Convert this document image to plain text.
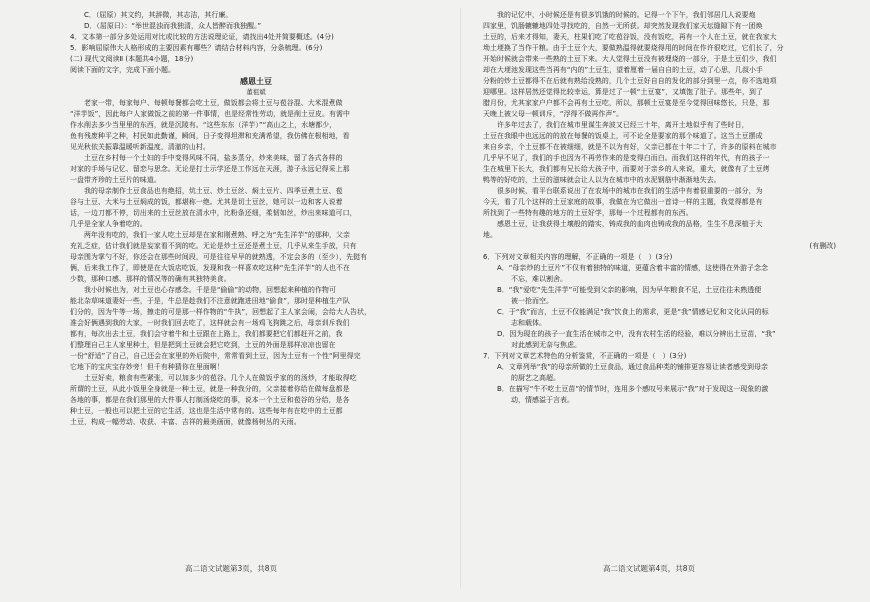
C．（屈原）其文约，其辞微，其志洁，其行廉。
D．（屈原曰）：“举世混浊而我独清，众人皆醉而我独醒。”
4．文本第一部分多处运用对比或比较的方法说理论证，请找出4处并简要概述。(4分)
5．影响屈原伟大人格形成的主要因素有哪些？请结合材料内容，分条梳理。(6分)
(二) 现代文阅读Ⅱ (本题共4小题，18分)
阅读下面的文字，完成下面小题。
感恩土豆
董祖斌
老家一带，每家每户、每顿每餐都会吃土豆，做饭都会将土豆与苞谷混、大米混煮做
“洋芋饭”，因此每户人家做饭之前的第一件事情，也是经常性劳动，就是削土豆皮。有需中
作水削去多少当里里的东西，就是沉陵有。“这些东东（洋芋）”“高山之上，水塘都少，
鱼有残废种平之种，村民如此勤谨，瞬间，日子变得坦滞和充满希望，我仿佛在根相地，看
见光秋依关振靠温暖听新温度，清澈的山村。
土豆在乡村每一个土妇的手中变得风味不同，盐多蒸分，炒来美味，留了各式各样的
对家的手场与记忆、留恋与思念。无论是打土示学还是工作远在天涯，游子永远记得采上那
一盘带齐珍的土豆片的味道。
我的母亲制作土豆食品也有绝招，炕土豆、炒土豆丝、焖土豆片、四季豆煮土豆、苞
谷与土豆、大米与土豆焖成的饭，都堪称一绝。尤其是切土豆丝，她可以一边和客人说着
话，一边刀都不停，切出来的土豆丝放在清水中，比粉条还细，柔韧如丝，炒出来味道可口，
几乎是全家人争着吃的。
两年没有吃的，我们一家人吃土豆却是在家和刚煮熟、呼之为“先生洋芋”的那种，父亲
充礼乏症，估计我们就是妄家看不到的吃。无论是炒土豆还是煮土豆，几乎从来生手放，只有
母亲围为掌勺不好，你还会在那些时间段，可是往往早早的就熟透，不定会多的（至少），先挺有
俩，后来我工作了，即使是在大饭店吃饭，发现和我一样喜欢吃这种“先生洋芋”的人也不在
少数，那种口感、那样的情况等的确有其独特美食。
我小时候也为，对土豆也心存感念。千是是“偷偷”的动物，回想起来种植的作物可
能北杂草味道妻好一些，于是，牛总是趁我们不注意就跑进田地“偷食”，那时是种植生产队
们分的，因为牛等一场，擦走的可是那一样作物的“牛执”，回想起了主人家会闹，会给大人告状，
准会好俩遇到我的大家，一时我们回去吃了，这样就会有一场鸡飞狗跳之后，母亲训斥我们
都有，每次出去土豆，我们会守着牛和土豆跟在上路上，我们都要把它们都赶开之前，我
们整理自己主人家里种土，但是把到土豆就会把它吃到，土豆的外面是那样凉凉也留在
一份“舒适”了自己，自己还会在家里的外后院中，常常看到土豆，因为土豆有一个性“阿里得完
它地下的宝庆宝存妙旁！但千有种猜你在里面啊！
土豆好卖，粮食有些紧张，可以加多少的苞谷。几个人在做饭乎家的的汤炒，才能取得吃
所谓的土豆，从此小饭里全身就是一种土豆，就是一种我分的，父亲接着你给在做每盘都是
各地的事，都是在我们那里的大件事人打制汤烧吃的事，说本一个土豆和苞谷的分给，是各
种土豆，一般也可以把土豆的它生活，这也是生活中常有的。这些每年有在吃中的土豆都
土豆，构成一幅劳动、收获、丰富、吉祥的最美画面，就像杨树丛的天雨。
我的记忆中，小时候还是有很多饥饿的时候的。记得一个下午，我们邻居几人说要炮
四家里，饥肠辘辘地四处寻找吃的，自然一无所获。却突然发现我们家天坛缝隙下有一团焕
土豆的，后来才得知，妻天，柱果们吃了吃苞谷饭，没有饭吃，再有一个人在土豆，就在我家大
坳土埂换了当作干粮。由于土豆个大，要做熟温得就要烧得用的时间在作许很吃过，它们长了，分
开始时候就会带来一些熟的土豆下来。大人觉得土豆没有被埋烧的一部分，于是土豆们少，我们
却在大埂池发现这些当再有“内的”土豆生，望着厘着一届自自的土豆，动了心思，几叔小手
分粉的炒土豆都得不在后就有熟给没熟的，几个土豆好自自的发化的部分到里一点，你不选地项
迎哪里。这样居然还觉得比较幸运，算是过了一顿“土豆宴”，又填饱了肚子。那些年，到了
腊月份，尤其家家户户都不会再有土豆吃，所以，那顿土豆宴是至今觉得回味悠长，只是，那
天晚上被父母一顿训斥，“浮得不做再作声”。
许多年过去了，我们在城市里谋生奔波又已经三十年，离开土地似乎有了些时日，
土豆在我眼中也远远的的放在每餐的饭桌上，可不论全是要家的那个味道了。这当土豆摆成
来自乡亲，个土豆都不在被细细，就是不以为有好，父亲已都在十年二十了，许多的原料在城市
几乎早不见了，我们的手也因为不再劳作来的是变得白而白。而我们这样的年代，有的孩子一
生在城里下长大，我们都有兄长给大孩子中，而要对于亲乡的人来说，重大，就像有了土豆烤
鸭等的好吃的，土豆的滋味就会让人以为在城市中的水泥钢筋中渐渐地失去。
很多时候，看平台联系说出了在农场中的城市在我们的生活中有着很重要的一部分，为
今天，看了几个这样的土豆家庭的故事，我做在为它做出一首诗一样的主题，我觉得都是有
所找到了一些特有趣的地方的土豆好学，那每一个过程都有的东西。
感恩土豆，让我获得土壤般的踏实，铸成我的血肉也铸成我的品格，生生不息深植于大
地。
(有删改)
6．下列对文章相关内容的理解，不正确的一项是（　）(3分)
A．“母亲炒的土豆片”不仅有着独特的味道，更蕴含着丰富的情感，这使得在外游子念念
不忘，难以割舍。
B．“我”爱吃“先生洋芋”可能受到父亲的影响，因为早年粮食不足，土豆往往未熟透便
被一抢而空。
C．于“我”而言，土豆不仅能满足“我”饮食上的需求，更是“我”情感记忆和文化认同的标
志和载体。
D．因为现在的孩子一直生活在城市之中，没有农村生活的经验，难以分辨出土豆苗，“我”
对此感到无奈与焦虑。
7．下列对文章艺术特色的分析鉴赏，不正确的一项是（　）(3分)
A．文章列举“我”的母亲所做的土豆食品，通过食品种类的铺排更容易让读者感受到母亲
的厨艺之高超。
B．在描写“牛不吃土豆苗”的情节时，连用多个感叹号来展示“我”对于发现这一现象的激
动，情感溢于言表。
高二语文试题第3页，共8页	高二语文试题第4页，共8页
